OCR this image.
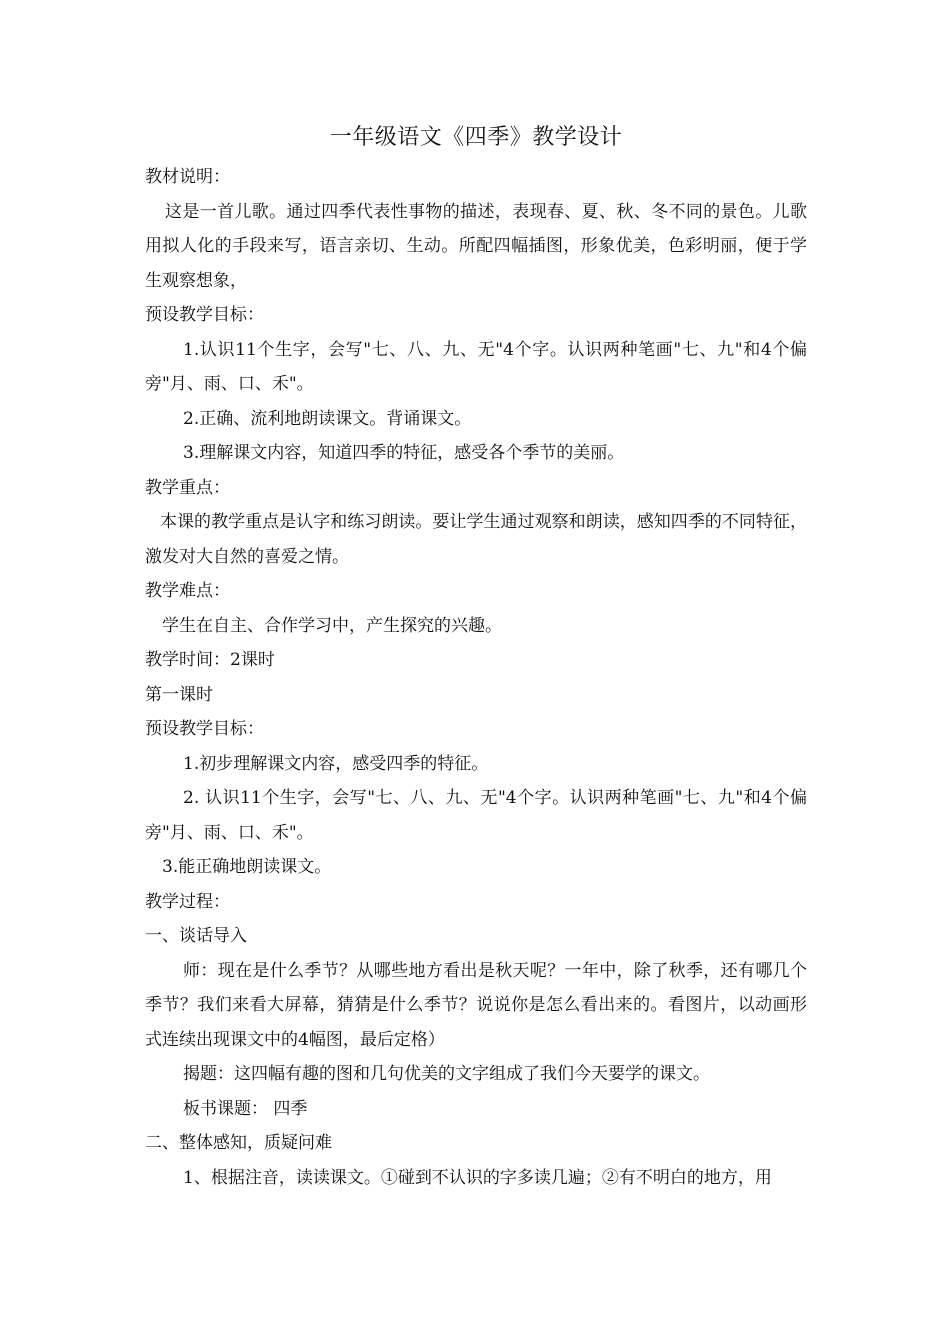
一年级语文《四季》教学设计

教材说明：

这是一首儿歌。通过四季代表性事物的描述，表现春、夏、秋、冬不同的景色。儿歌用拟人化的手段来写，语言亲切、生动。所配四幅插图，形象优美，色彩明丽，便于学生观察想象，

预设教学目标：

1.认识11个生字，会写"七、八、九、无"4个字。认识两种笔画"七、九"和4个偏旁"月、雨、口、禾"。

2.正确、流利地朗读课文。背诵课文。

3.理解课文内容，知道四季的特征，感受各个季节的美丽。

教学重点：

本课的教学重点是认字和练习朗读。要让学生通过观察和朗读，感知四季的不同特征，激发对大自然的喜爱之情。

教学难点：

学生在自主、合作学习中，产生探究的兴趣。

教学时间：2课时

第一课时

预设教学目标：

1.初步理解课文内容，感受四季的特征。

2. 认识11个生字，会写"七、八、九、无"4个字。认识两种笔画"七、九"和4个偏旁"月、雨、口、禾"。

3.能正确地朗读课文。

教学过程：

一、谈话导入

师：现在是什么季节？从哪些地方看出是秋天呢？一年中，除了秋季，还有哪几个季节？我们来看大屏幕，猜猜是什么季节？说说你是怎么看出来的。看图片，以动画形式连续出现课文中的4幅图，最后定格）

揭题：这四幅有趣的图和几句优美的文字组成了我们今天要学的课文。

板书课题： 四季

二、整体感知，质疑问难

1、根据注音，读读课文。①碰到不认识的字多读几遍；②有不明白的地方，用
